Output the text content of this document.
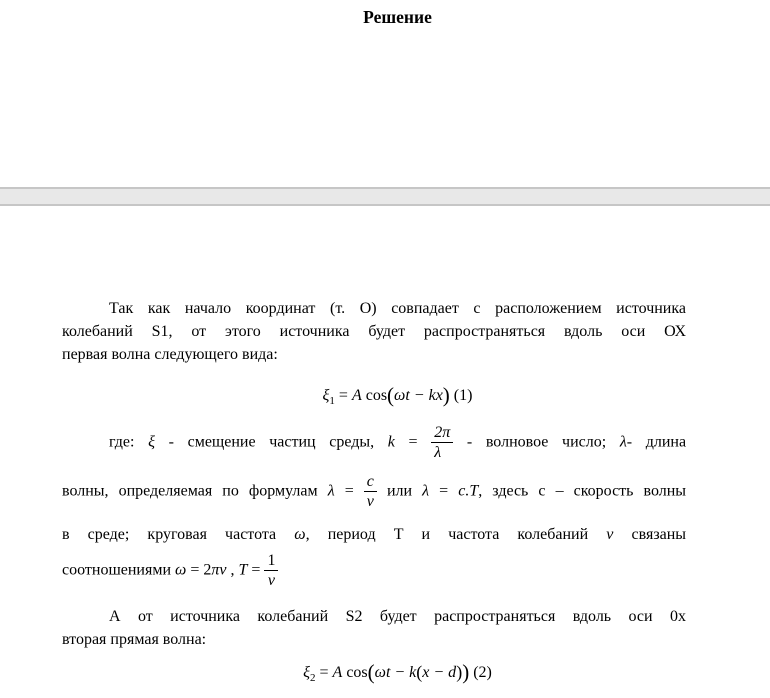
Решение
Так как начало координат (т. О) совпадает с расположением источника
колебаний S1, от этого источника будет распространяться вдоль оси ОХ
первая волна следующего вида:
$\xi_1 = A$ cos(ωt − kx) (1)
где: ξ - смещение частиц среды, $k = \frac{2\pi}{\lambda}$ - волновое число; λ- длина
волны, определяемая по формулам $\lambda = \frac{c}{\nu}$ или λ = c.T, здесь с – скорость волны
в среде; круговая частота ω, период Т и частота колебаний ν связаны
соотношениями ω = 2πν , $T = \frac{1}{\nu}$
А от источника колебаний S2 будет распространяться вдоль оси 0х
вторая прямая волна:
$\xi_2 = A$ cos(ωt − k(x − d)) (2)
